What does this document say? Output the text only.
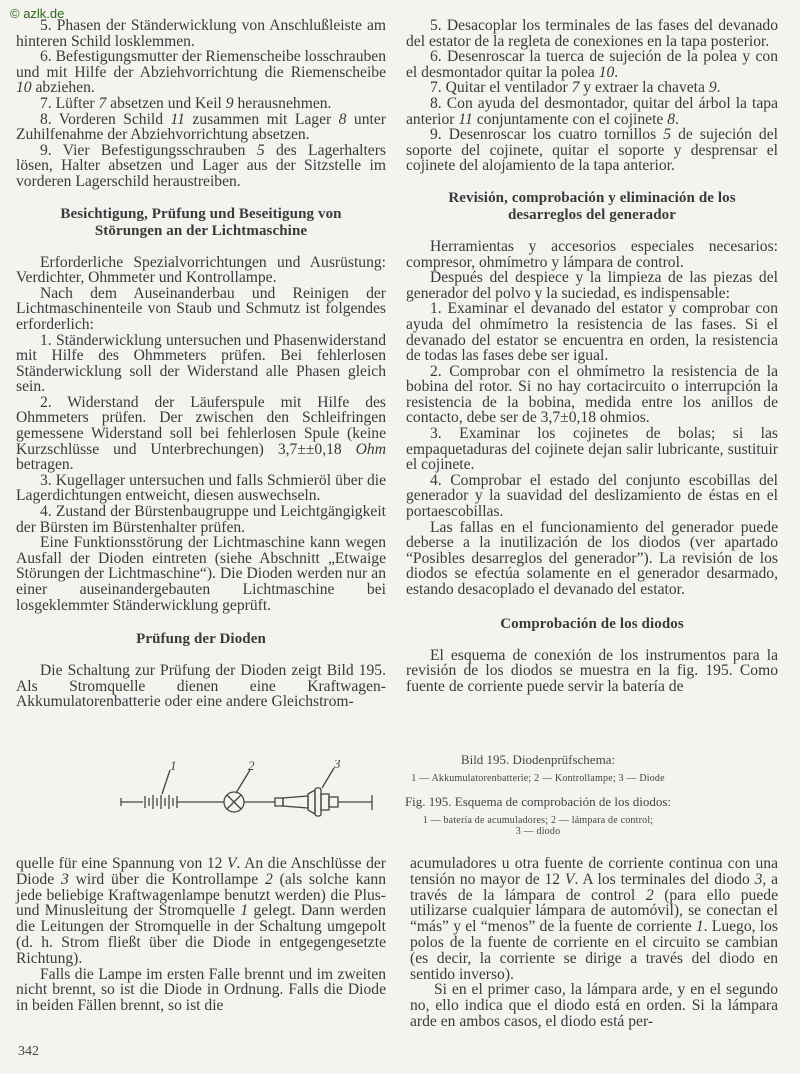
© azlk.de

5. Phasen der Ständerwicklung von Anschlußleiste am hinteren Schild losklemmen.

6. Befestigungsmutter der Riemenscheibe losschrauben und mit Hilfe der Abziehvorrichtung die Riemenscheibe 10 abziehen.

7. Lüfter 7 absetzen und Keil 9 herausnehmen.

8. Vorderen Schild 11 zusammen mit Lager 8 unter Zuhilfenahme der Abziehvorrichtung absetzen.

9. Vier Befestigungsschrauben 5 des Lagerhalters lösen, Halter absetzen und Lager aus der Sitzstelle im vorderen Lagerschild heraustreiben.

Besichtigung, Prüfung und Beseitigung von Störungen an der Lichtmaschine

Erforderliche Spezialvorrichtungen und Ausrüstung: Verdichter, Ohmmeter und Kontrollampe.

Nach dem Auseinanderbau und Reinigen der Lichtmaschinenteile von Staub und Schmutz ist folgendes erforderlich:

1. Ständerwicklung untersuchen und Phasenwiderstand mit Hilfe des Ohmmeters prüfen. Bei fehlerlosen Ständerwicklung soll der Widerstand alle Phasen gleich sein.

2. Widerstand der Läuferspule mit Hilfe des Ohmmeters prüfen. Der zwischen den Schleifringen gemessene Widerstand soll bei fehlerlosen Spule (keine Kurzschlüsse und Unterbrechungen) 3,7±±0,18 Ohm betragen.

3. Kugellager untersuchen und falls Schmieröl über die Lagerdichtungen entweicht, diesen auswechseln.

4. Zustand der Bürstenbaugruppe und Leichtgängigkeit der Bürsten im Bürstenhalter prüfen.

Eine Funktionsstörung der Lichtmaschine kann wegen Ausfall der Dioden eintreten (siehe Abschnitt „Etwaige Störungen der Lichtmaschine“). Die Dioden werden nur an einer auseinandergebauten Lichtmaschine bei losgeklemmter Ständerwicklung geprüft.

Prüfung der Dioden

Die Schaltung zur Prüfung der Dioden zeigt Bild 195. Als Stromquelle dienen eine Kraftwagen-Akkumulatorenbatterie oder eine andere Gleichstrom-

5. Desacoplar los terminales de las fases del devanado del estator de la regleta de conexiones en la tapa posterior.

6. Desenroscar la tuerca de sujeción de la polea y con el desmontador quitar la polea 10.

7. Quitar el ventilador 7 y extraer la chaveta 9.

8. Con ayuda del desmontador, quitar del árbol la tapa anterior 11 conjuntamente con el cojinete 8.

9. Desenroscar los cuatro tornillos 5 de sujeción del soporte del cojinete, quitar el soporte y desprensar el cojinete del alojamiento de la tapa anterior.

Revisión, comprobación y eliminación de los desarreglos del generador

Herramientas y accesorios especiales necesarios: compresor, ohmímetro y lámpara de control.

Después del despiece y la limpieza de las piezas del generador del polvo y la suciedad, es indispensable:

1. Examinar el devanado del estator y comprobar con ayuda del ohmímetro la resistencia de las fases. Si el devanado del estator se encuentra en orden, la resistencia de todas las fases debe ser igual.

2. Comprobar con el ohmímetro la resistencia de la bobina del rotor. Si no hay cortacircuito o interrupción la resistencia de la bobina, medida entre los anillos de contacto, debe ser de 3,7±0,18 ohmios.

3. Examinar los cojinetes de bolas; si las empaquetaduras del cojinete dejan salir lubricante, sustituir el cojinete.

4. Comprobar el estado del conjunto escobillas del generador y la suavidad del deslizamiento de éstas en el portaescobillas.

Las fallas en el funcionamiento del generador puede deberse a la inutilización de los diodos (ver apartado “Posibles desarreglos del generador”). La revisión de los diodos se efectúa solamente en el generador desarmado, estando desacoplado el devanado del estator.

Comprobación de los diodos

El esquema de conexión de los instrumentos para la revisión de los diodos se muestra en la fig. 195. Como fuente de corriente puede servir la batería de

1	2	3	Bild 195. Diodenprüfschema:
1 — Akkumulatorenbatterie; 2 — Kontrollampe; 3 — Diode
Fig. 195. Esquema de comprobación de los diodos:
1 — batería de acumuladores; 2 — lámpara de control;
3 — diodo

quelle für eine Spannung von 12 V. An die Anschlüsse der Diode 3 wird über die Kontrollampe 2 (als solche kann jede beliebige Kraftwagenlampe benutzt werden) die Plus- und Minusleitung der Stromquelle 1 gelegt. Dann werden die Leitungen der Stromquelle in der Schaltung umgepolt (d. h. Strom fließt über die Diode in entgegengesetzte Richtung).

Falls die Lampe im ersten Falle brennt und im zweiten nicht brennt, so ist die Diode in Ordnung. Falls die Diode in beiden Fällen brennt, so ist die

acumuladores u otra fuente de corriente continua con una tensión no mayor de 12 V. A los terminales del diodo 3, a través de la lámpara de control 2 (para ello puede utilizarse cualquier lámpara de automóvil), se conectan el “más” y el “menos” de la fuente de corriente 1. Luego, los polos de la fuente de corriente en el circuito se cambian (es decir, la corriente se dirige a través del diodo en sentido inverso).

Si en el primer caso, la lámpara arde, y en el segundo no, ello indica que el diodo está en orden. Si la lámpara arde en ambos casos, el diodo está per-

342
